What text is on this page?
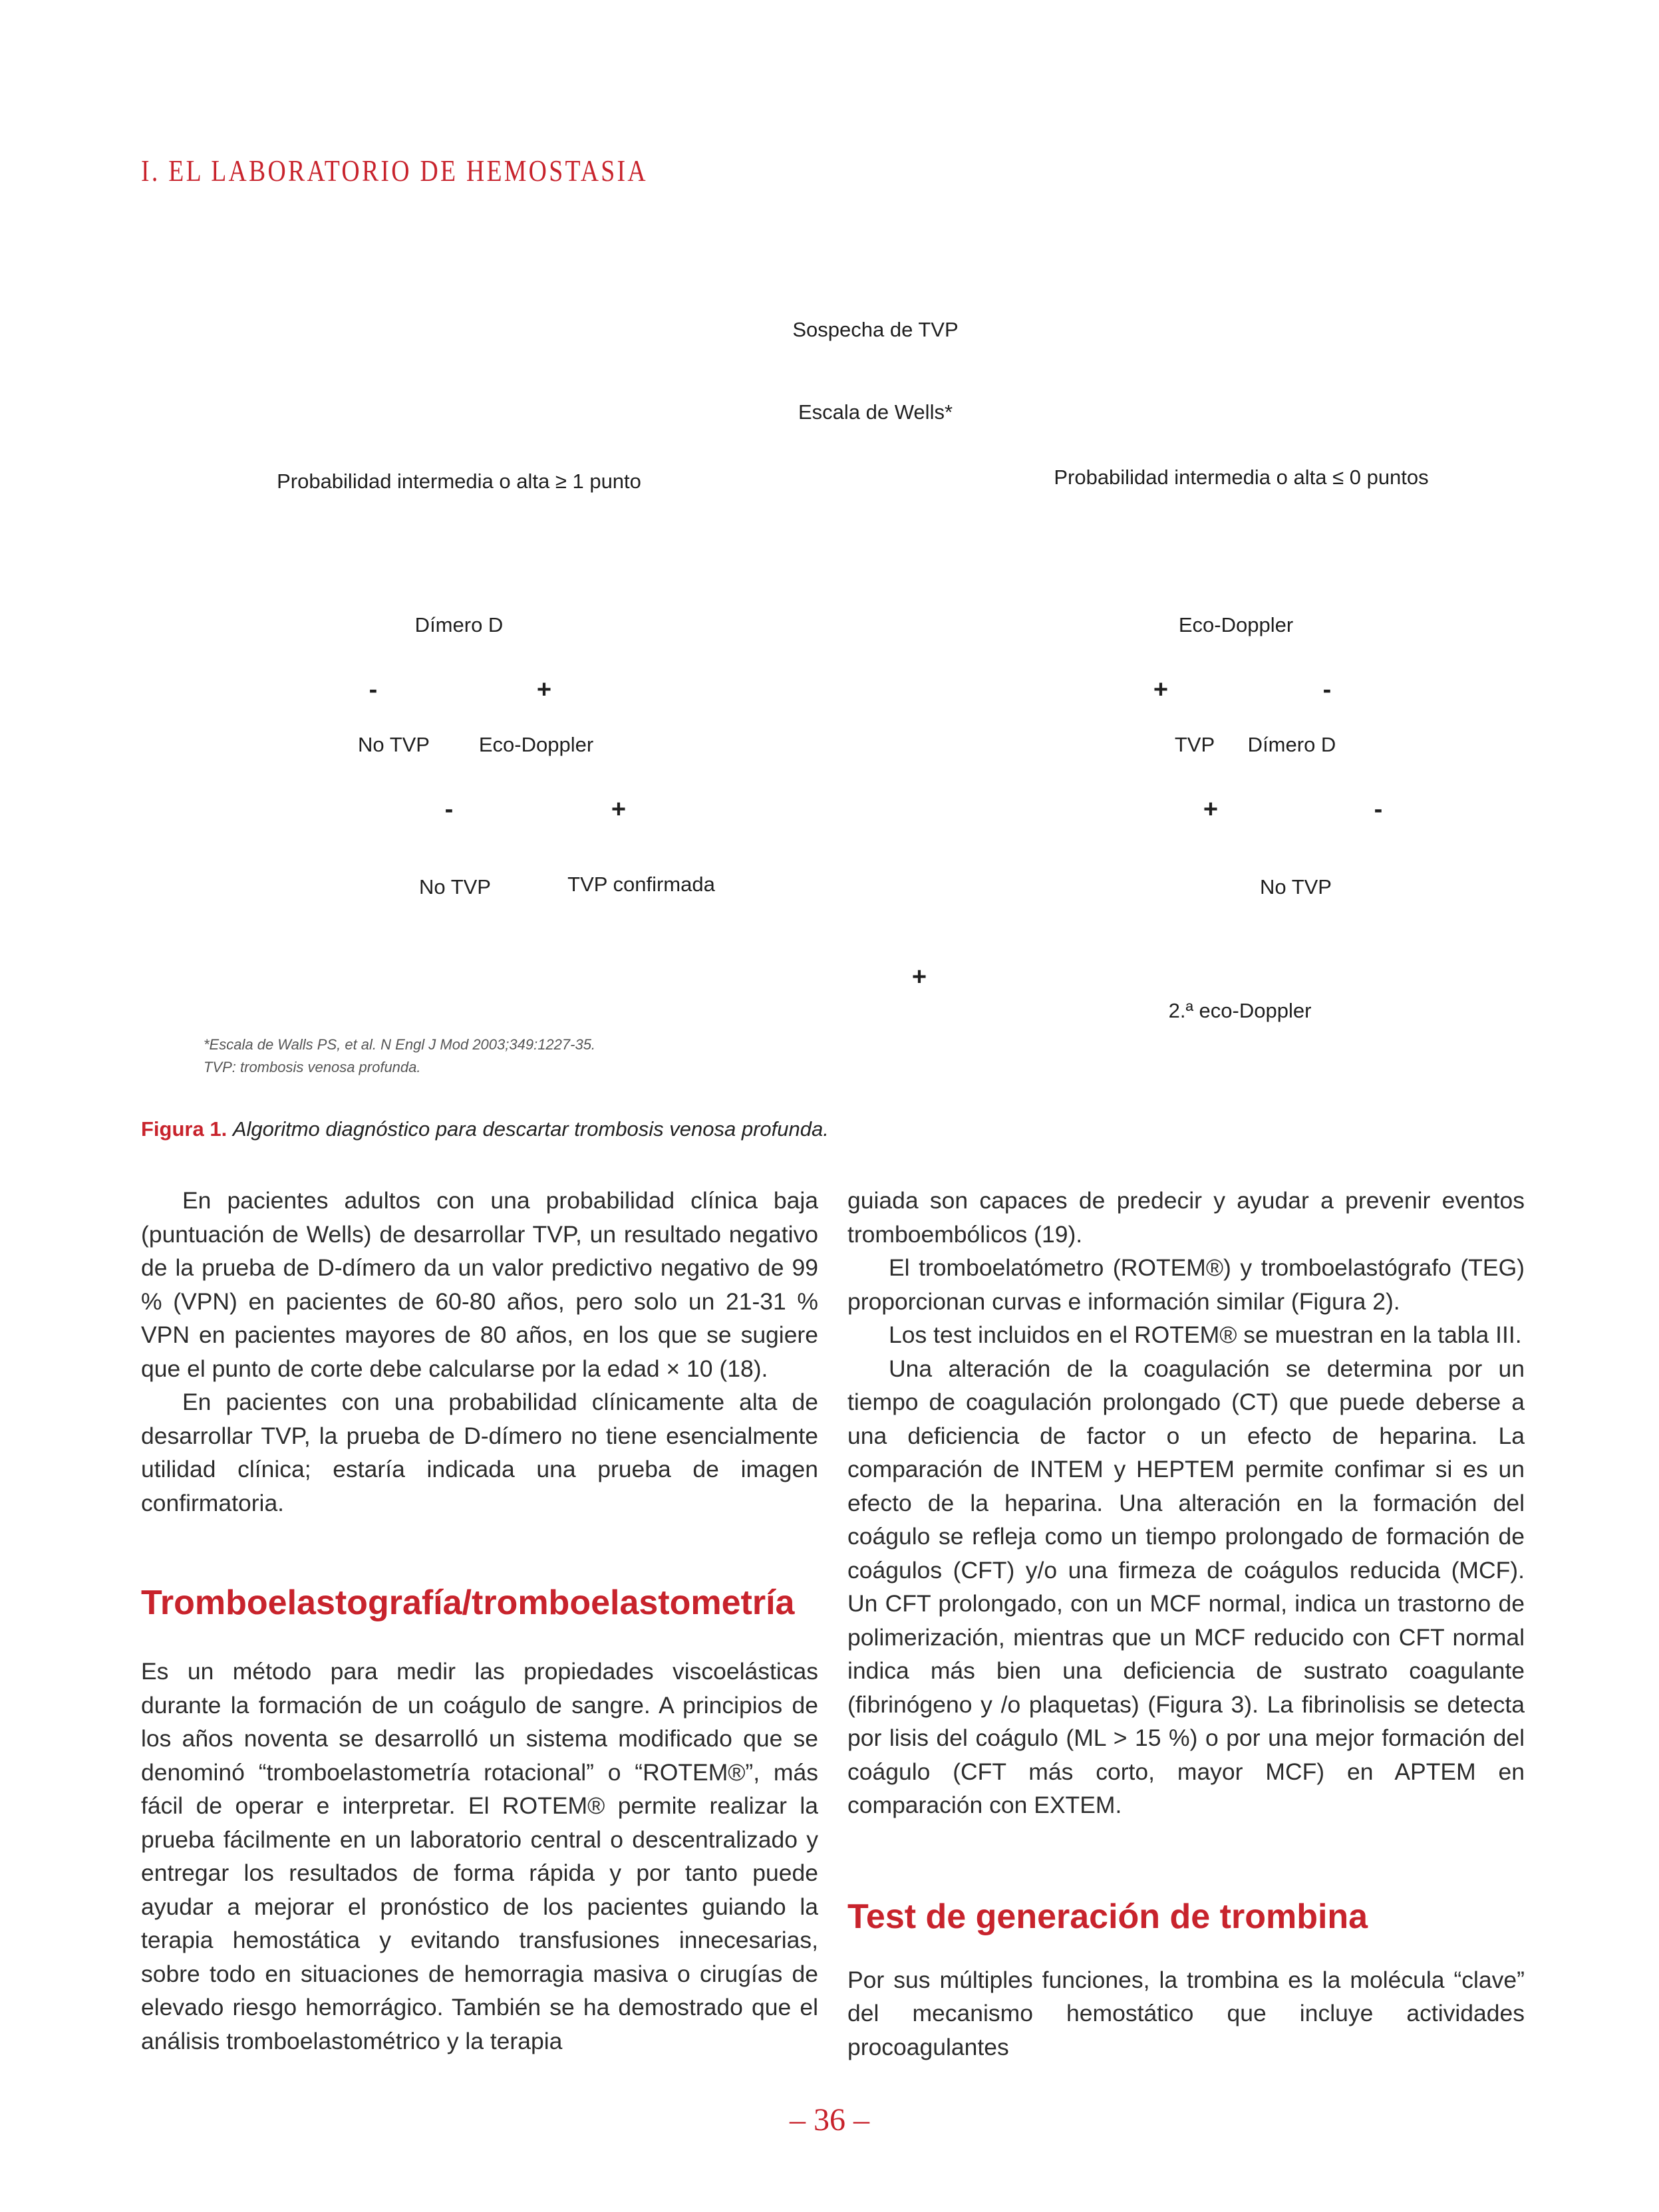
I. EL LABORATORIO DE HEMOSTASIA
Sospecha de TVP
Escala de Wells*
Probabilidad intermedia o alta ≥ 1 punto	Probabilidad intermedia o alta ≤ 0 puntos
Dímero D
-	+
No TVP Eco-Doppler
-	+
No TVP	TVP confirmada
Eco-Doppler
+	-
TVP Dímero D
+	-
No TVP
+
2.ª eco-Doppler
*Escala de Walls PS, et al. N Engl J Mod 2003;349:1227-35.
TVP: trombosis venosa profunda.
Figura 1. Algoritmo diagnóstico para descartar trombosis venosa profunda.

En pacientes adultos con una probabilidad clínica baja (puntuación de Wells) de desarrollar TVP, un resultado negativo de la prueba de D-dímero da un valor predictivo negativo de 99 % (VPN) en pacientes de 60-80 años, pero solo un 21-31 % VPN en pacientes mayores de 80 años, en los que se sugiere que el punto de corte debe calcularse por la edad × 10 (18).

En pacientes con una probabilidad clínicamente alta de desarrollar TVP, la prueba de D-dímero no tiene esencialmente utilidad clínica; estaría indicada una prueba de imagen confirmatoria.

Tromboelastografía/tromboelastometría

Es un método para medir las propiedades viscoelásticas durante la formación de un coágulo de sangre. A principios de los años noventa se desarrolló un sistema modificado que se denominó “tromboelastometría rotacional” o “ROTEM®”, más fácil de operar e interpretar. El ROTEM® permite realizar la prueba fácilmente en un laboratorio central o descentralizado y entregar los resultados de forma rápida y por tanto puede ayudar a mejorar el pronóstico de los pacientes guiando la terapia hemostática y evitando transfusiones innecesarias, sobre todo en situaciones de hemorragia masiva o cirugías de elevado riesgo hemorrágico. También se ha demostrado que el análisis tromboelastométrico y la terapia

guiada son capaces de predecir y ayudar a prevenir eventos tromboembólicos (19).

El tromboelatómetro (ROTEM®) y tromboelastógrafo (TEG) proporcionan curvas e información similar (Figura 2).

Los test incluidos en el ROTEM® se muestran en la tabla III.

Una alteración de la coagulación se determina por un tiempo de coagulación prolongado (CT) que puede deberse a una deficiencia de factor o un efecto de heparina. La comparación de INTEM y HEPTEM permite confimar si es un efecto de la heparina. Una alteración en la formación del coágulo se refleja como un tiempo prolongado de formación de coágulos (CFT) y/o una firmeza de coágulos reducida (MCF). Un CFT prolongado, con un MCF normal, indica un trastorno de polimerización, mientras que un MCF reducido con CFT normal indica más bien una deficiencia de sustrato coagulante (fibrinógeno y /o plaquetas) (Figura 3). La fibrinolisis se detecta por lisis del coágulo (ML > 15 %) o por una mejor formación del coágulo (CFT más corto, mayor MCF) en APTEM en comparación con EXTEM.

Test de generación de trombina

Por sus múltiples funciones, la trombina es la molécula “clave” del mecanismo hemostático que incluye actividades procoagulantes

– 36 –
